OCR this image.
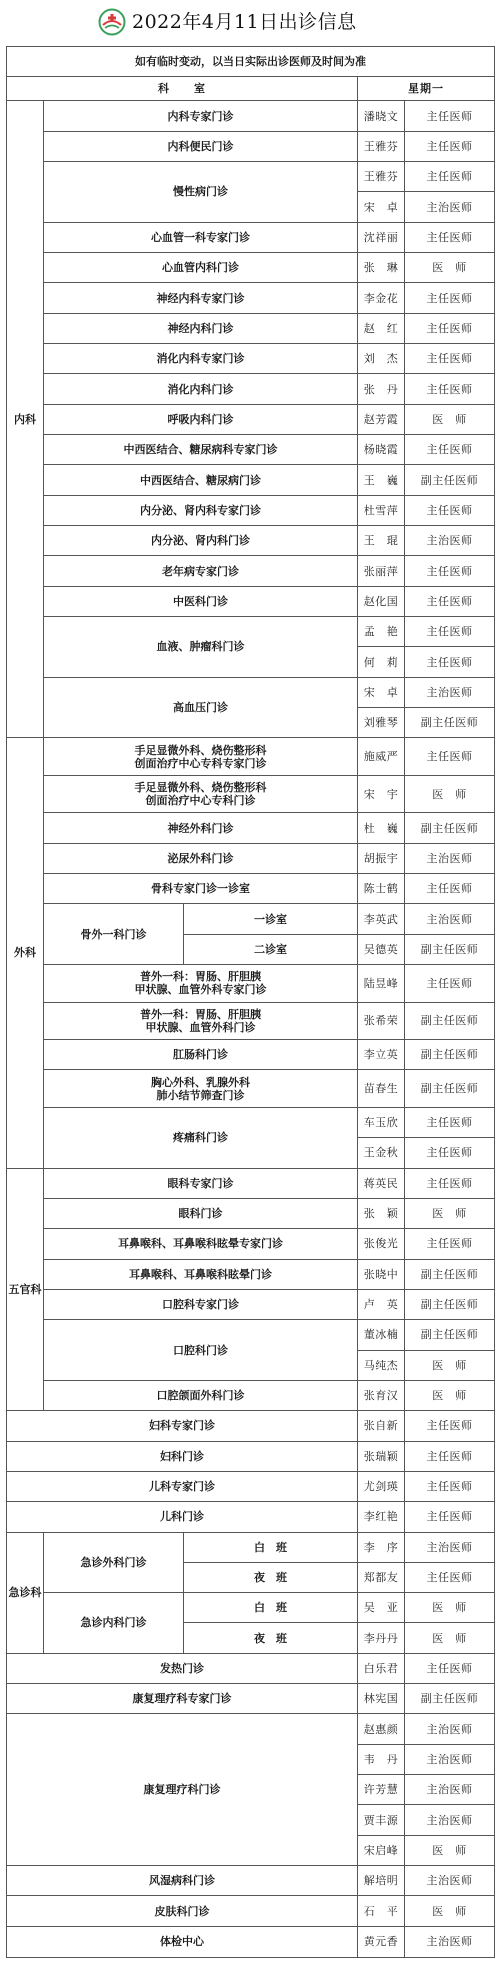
2022年4月11日出诊信息
如有临时变动，以当日实际出诊医师及时间为准				
科　　室			星期一	
内科	内科专家门诊		潘晓文	主任医师
	内科便民门诊		王雅芬	主任医师
	慢性病门诊		王雅芬	主任医师
			宋　卓	主治医师
	心血管一科专家门诊		沈祥丽	主任医师
	心血管内科门诊		张　琳	医　师
	神经内科专家门诊		李金花	主任医师
	神经内科门诊		赵　红	主任医师
	消化内科专家门诊		刘　杰	主任医师
	消化内科门诊		张　丹	主任医师
	呼吸内科门诊		赵芳霞	医　师
	中西医结合、糖尿病科专家门诊		杨晓霞	主任医师
	中西医结合、糖尿病门诊		王　巍	副主任医师
	内分泌、肾内科专家门诊		杜雪萍	主任医师
	内分泌、肾内科门诊		王　琨	主治医师
	老年病专家门诊		张丽萍	主任医师
	中医科门诊		赵化国	主任医师
	血液、肿瘤科门诊		孟　艳	主任医师
			何　莉	主任医师
	高血压门诊		宋　卓	主治医师
			刘雅琴	副主任医师
外科	手足显微外科、烧伤整形科
创面治疗中心专科专家门诊		施威严	主任医师
	手足显微外科、烧伤整形科
创面治疗中心专科门诊		宋　宇	医　师
	神经外科门诊		杜　巍	副主任医师
	泌尿外科门诊		胡振宇	主治医师
	骨科专家门诊一诊室		陈士鹤	主任医师
	骨外一科门诊	一诊室	李英武	主治医师
		二诊室	吴德英	副主任医师
	普外一科：胃肠、肝胆胰
甲状腺、血管外科专家门诊		陆昱峰	主任医师
	普外一科：胃肠、肝胆胰
甲状腺、血管外科门诊		张希荣	副主任医师
	肛肠科门诊		李立英	副主任医师
	胸心外科、乳腺外科
肺小结节筛查门诊		苗春生	副主任医师
	疼痛科门诊		车玉欣	主任医师
			王金秋	主任医师
五官科	眼科专家门诊		蒋英民	主任医师
	眼科门诊		张　颖	医　师
	耳鼻喉科、耳鼻喉科眩晕专家门诊		张俊光	主任医师
	耳鼻喉科、耳鼻喉科眩晕门诊		张晓中	副主任医师
	口腔科专家门诊		卢　英	副主任医师
	口腔科门诊		董冰楠	副主任医师
			马纯杰	医　师
	口腔颌面外科门诊		张育汉	医　师
妇科专家门诊			张自新	主任医师
妇科门诊			张瑞颖	主任医师
儿科专家门诊			尤剑瑛	主任医师
儿科门诊			李红艳	主任医师
急诊科	急诊外科门诊	白　班	李　序	主治医师
		夜　班	郑都友	主任医师
	急诊内科门诊	白　班	吴　亚	医　师
		夜　班	李丹丹	医　师
发热门诊			白乐君	主任医师
康复理疗科专家门诊			林宪国	副主任医师
康复理疗科门诊			赵惠颜	主治医师
			韦　丹	主治医师
			许芳慧	主治医师
			贾丰源	主治医师
			宋启峰	医　师
风湿病科门诊			解培明	主治医师
皮肤科门诊			石　平	医　师
体检中心			黄元香	主治医师
